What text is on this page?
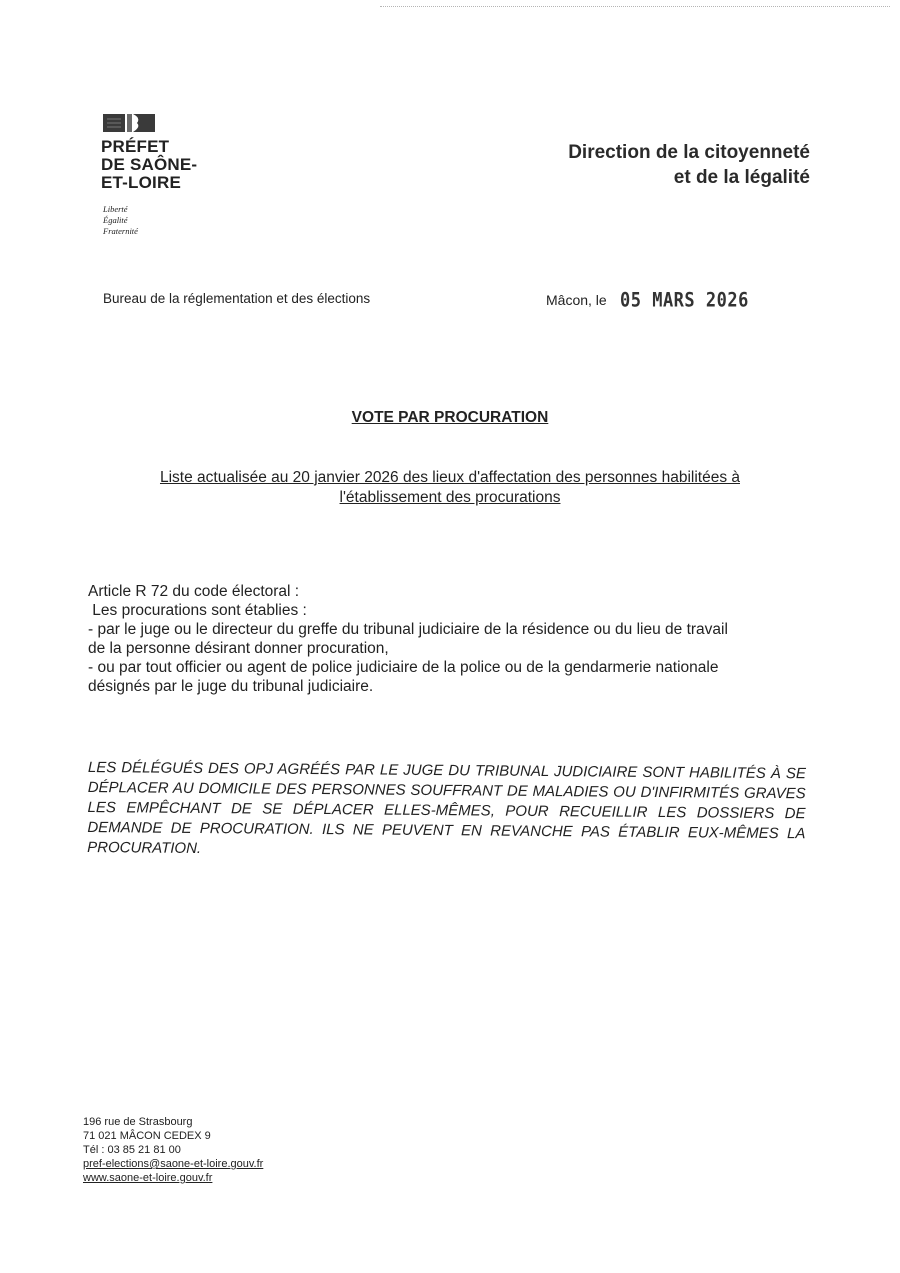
PRÉFET
DE SAÔNE-
ET-LOIRE
Liberté
Égalité
Fraternité
Direction de la citoyenneté
et de la légalité
Bureau de la réglementation et des élections	Mâcon, le 05 MARS 2026
VOTE PAR PROCURATION
Liste actualisée au 20 janvier 2026 des lieux d'affectation des personnes habilitées à
l'établissement des procurations
Article R 72 du code électoral :
Les procurations sont établies :
- par le juge ou le directeur du greffe du tribunal judiciaire de la résidence ou du lieu de travail
de la personne désirant donner procuration,
- ou par tout officier ou agent de police judiciaire de la police ou de la gendarmerie nationale
désignés par le juge du tribunal judiciaire.
LES DÉLÉGUÉS DES OPJ AGRÉÉS PAR LE JUGE DU TRIBUNAL JUDICIAIRE SONT HABILITÉS À SE DÉPLACER AU DOMICILE DES PERSONNES SOUFFRANT DE MALADIES OU D'INFIRMITÉS GRAVES LES EMPÊCHANT DE SE DÉPLACER ELLES-MÊMES, POUR RECUEILLIR LES DOSSIERS DE DEMANDE DE PROCURATION. ILS NE PEUVENT EN REVANCHE PAS ÉTABLIR EUX-MÊMES LA PROCURATION.
196 rue de Strasbourg
71 021 MÂCON CEDEX 9
Tél : 03 85 21 81 00
pref-elections@saone-et-loire.gouv.fr
www.saone-et-loire.gouv.fr
